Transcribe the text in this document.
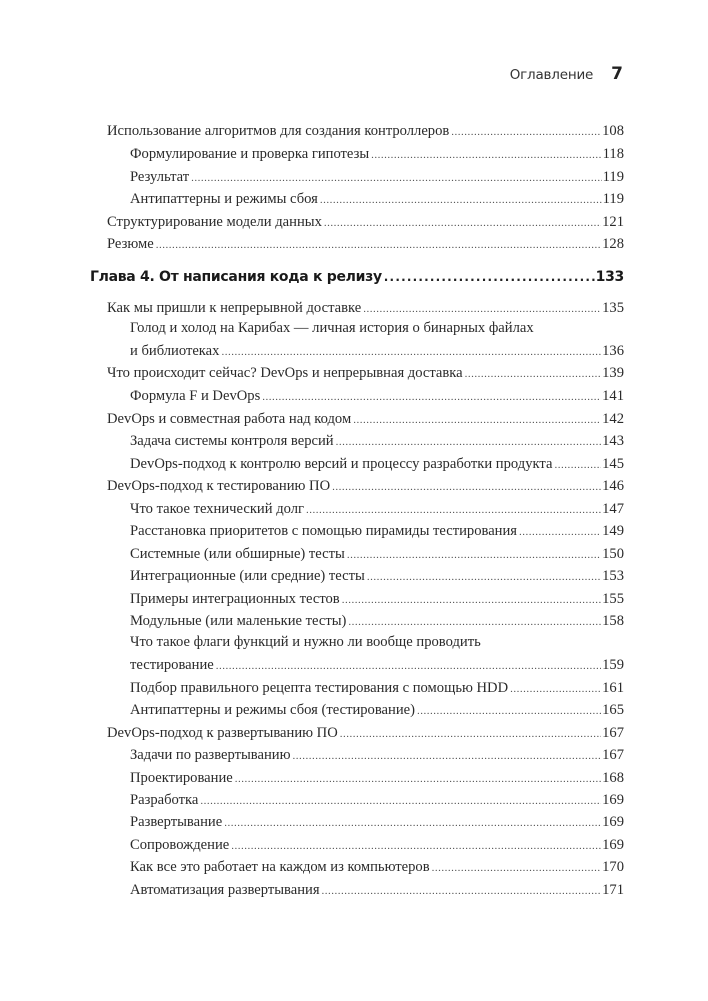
Оглавление 7
Использование алгоритмов для создания контроллеров .....	108
Формулирование и проверка гипотезы .....	118
Результат .....	119
Антипаттерны и режимы сбоя .....	119
Структурирование модели данных .....	121
Резюме .....	128
Глава 4. От написания кода к релизу .....	133
Как мы пришли к непрерывной доставке .....	135
Голод и холод на Карибах — личная история о бинарных файлах
и библиотеках .....	136
Что происходит сейчас? DevOps и непрерывная доставка .....	139
Формула F и DevOps .....	141
DevOps и совместная работа над кодом .....	142
Задача системы контроля версий .....	143
DevOps-подход к контролю версий и процессу разработки продукта .....	145
DevOps-подход к тестированию ПО .....	146
Что такое технический долг .....	147
Расстановка приоритетов с помощью пирамиды тестирования .....	149
Системные (или обширные) тесты .....	150
Интеграционные (или средние) тесты .....	153
Примеры интеграционных тестов .....	155
Модульные (или маленькие тесты) .....	158
Что такое флаги функций и нужно ли вообще проводить
тестирование .....	159
Подбор правильного рецепта тестирования с помощью HDD .....	161
Антипаттерны и режимы сбоя (тестирование) .....	165
DevOps-подход к развертыванию ПО .....	167
Задачи по развертыванию .....	167
Проектирование .....	168
Разработка .....	169
Развертывание .....	169
Сопровождение .....	169
Как все это работает на каждом из компьютеров .....	170
Автоматизация развертывания .....	171
